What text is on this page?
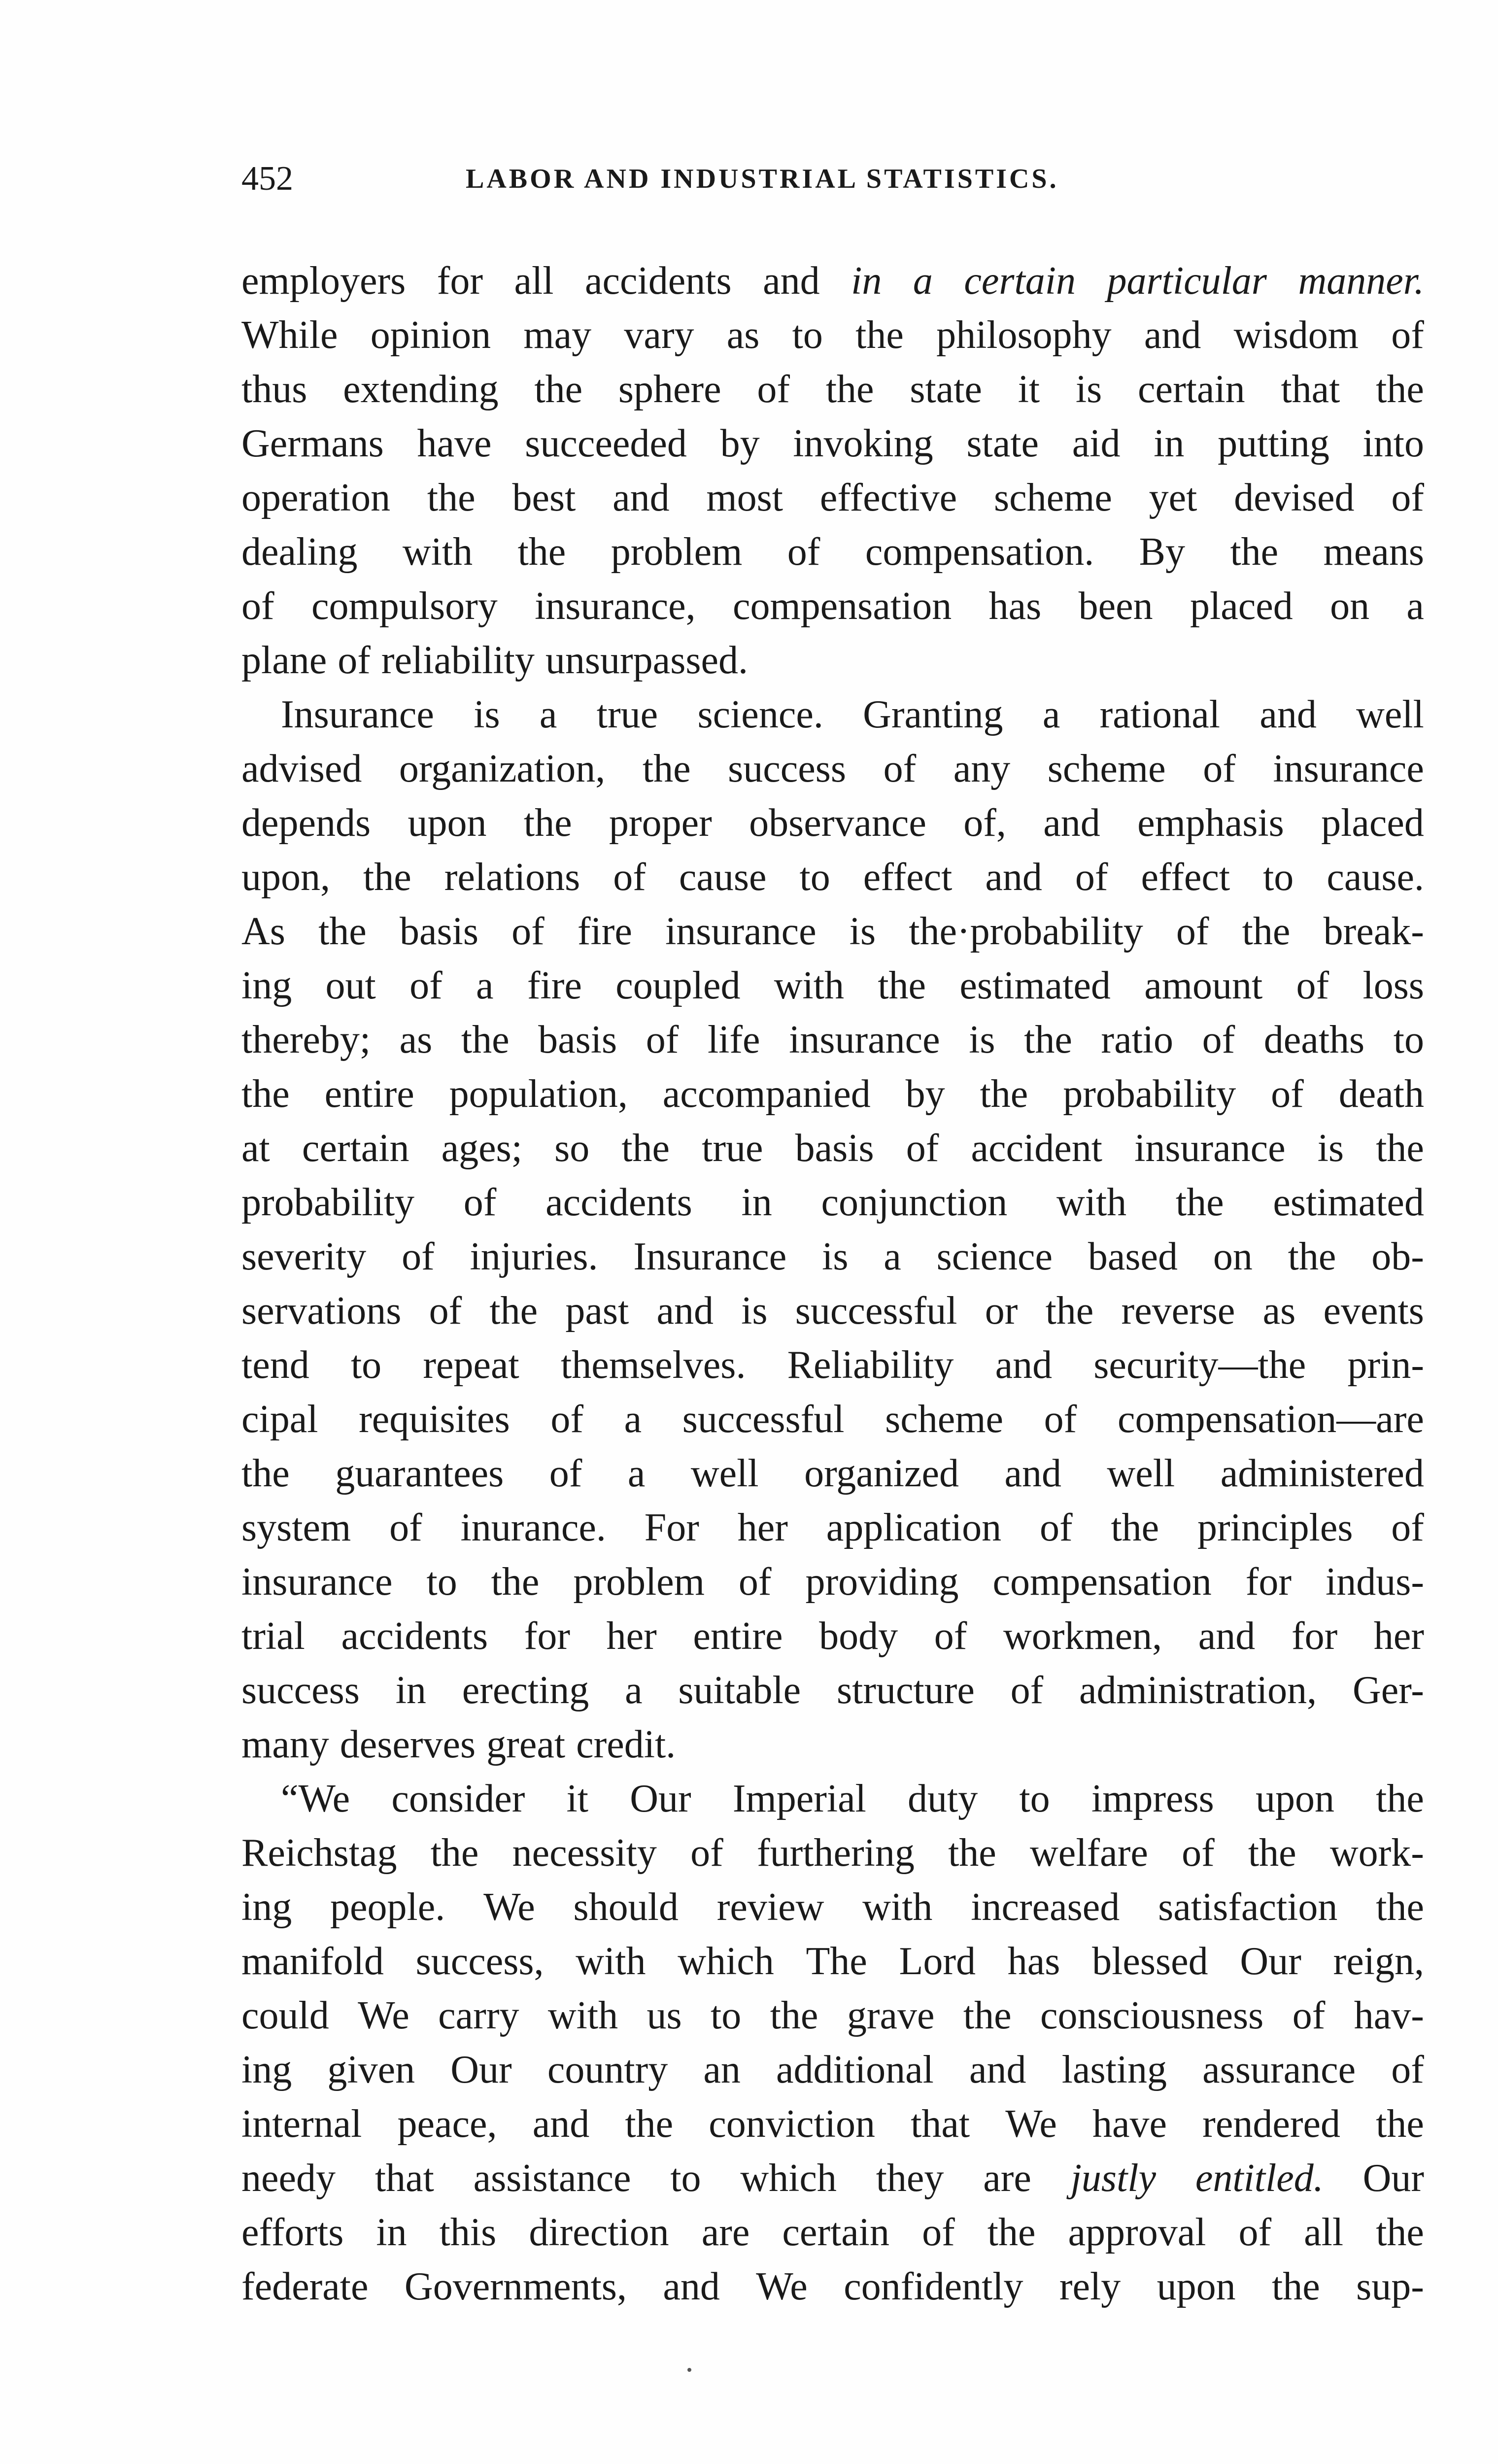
452	LABOR AND INDUSTRIAL STATISTICS.
employers for all accidents and in a certain particular manner.
While opinion may vary as to the philosophy and wisdom of
thus extending the sphere of the state it is certain that the
Germans have succeeded by invoking state aid in putting into
operation the best and most effective scheme yet devised of
dealing with the problem of compensation. By the means
of compulsory insurance, compensation has been placed on a
plane of reliability unsurpassed.
Insurance is a true science. Granting a rational and well
advised organization, the success of any scheme of insurance
depends upon the proper observance of, and emphasis placed
upon, the relations of cause to effect and of effect to cause.
As the basis of fire insurance is the·probability of the break-
ing out of a fire coupled with the estimated amount of loss
thereby; as the basis of life insurance is the ratio of deaths to
the entire population, accompanied by the probability of death
at certain ages; so the true basis of accident insurance is the
probability of accidents in conjunction with the estimated
severity of injuries. Insurance is a science based on the ob-
servations of the past and is successful or the reverse as events
tend to repeat themselves. Reliability and security—the prin-
cipal requisites of a successful scheme of compensation—are
the guarantees of a well organized and well administered
system of inurance. For her application of the principles of
insurance to the problem of providing compensation for indus-
trial accidents for her entire body of workmen, and for her
success in erecting a suitable structure of administration, Ger-
many deserves great credit.
“We consider it Our Imperial duty to impress upon the
Reichstag the necessity of furthering the welfare of the work-
ing people. We should review with increased satisfaction the
manifold success, with which The Lord has blessed Our reign,
could We carry with us to the grave the consciousness of hav-
ing given Our country an additional and lasting assurance of
internal peace, and the conviction that We have rendered the
needy that assistance to which they are justly entitled. Our
efforts in this direction are certain of the approval of all the
federate Governments, and We confidently rely upon the sup-
